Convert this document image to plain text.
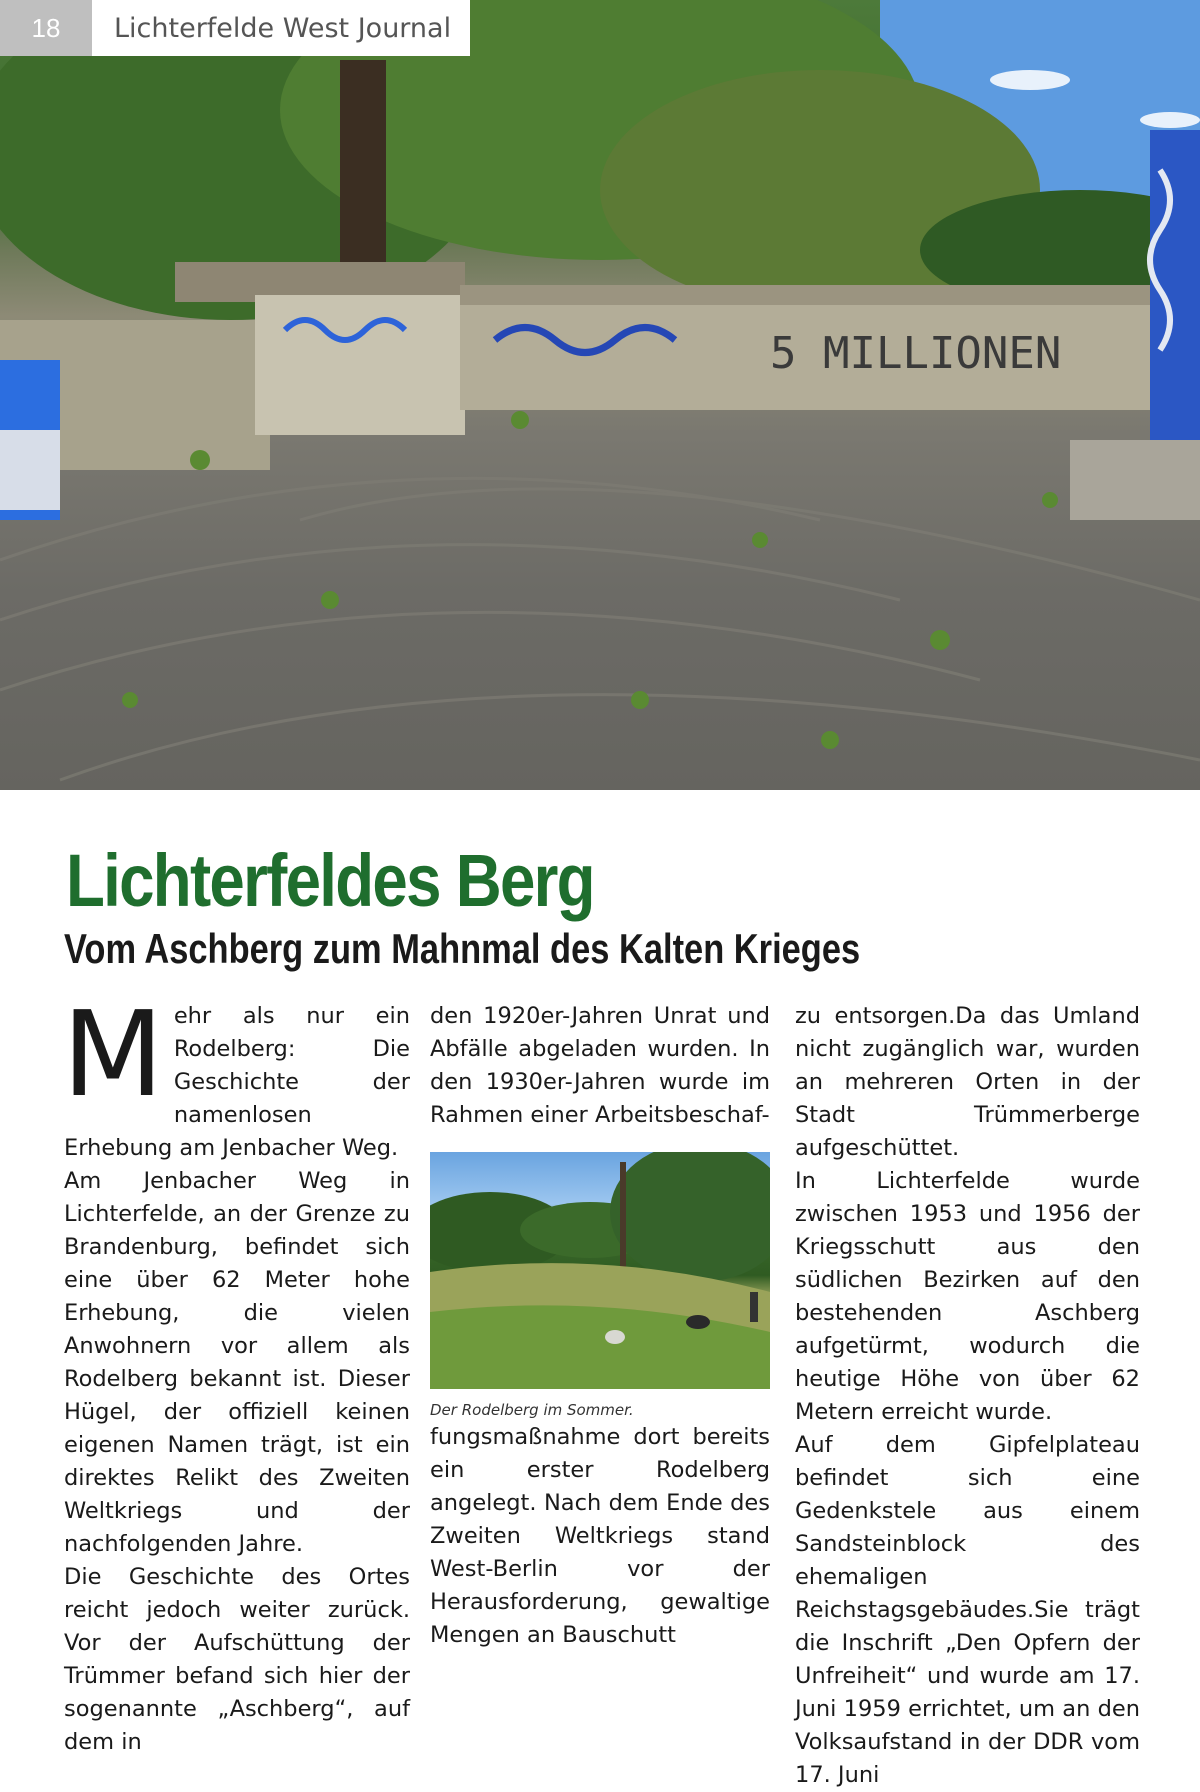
5 MILLIONEN
18	Lichterfelde West Journal
Lichterfeldes Berg
Vom Aschberg zum Mahnmal des Kalten Krieges
M ehr als nur ein Rodelberg: Die Geschichte der namenlosen Erhebung am Jenbacher Weg.

Am Jenbacher Weg in Lichterfelde, an der Grenze zu Brandenburg, befindet sich eine über 62 Meter hohe Erhebung, die vielen Anwohnern vor allem als Rodelberg bekannt ist. Dieser Hügel, der offiziell keinen eigenen Namen trägt, ist ein direktes Relikt des Zweiten Weltkriegs und der nachfolgenden Jahre.

Die Geschichte des Ortes reicht jedoch weiter zurück. Vor der Aufschüttung der Trümmer befand sich hier der sogenannte „Aschberg“, auf dem in

den 1920er-Jahren Unrat und Abfälle abgeladen wurden. In den 1930er-Jahren wurde im Rahmen einer Arbeitsbeschaf-

Der Rodelberg im Sommer.

fungsmaßnahme dort bereits ein erster Rodelberg angelegt. Nach dem Ende des Zweiten Weltkriegs stand West-Berlin vor der Herausforderung, gewaltige Mengen an Bauschutt

zu entsorgen.Da das Umland nicht zugänglich war, wurden an mehreren Orten in der Stadt Trümmerberge aufgeschüttet.

In Lichterfelde wurde zwischen 1953 und 1956 der Kriegsschutt aus den südlichen Bezirken auf den bestehenden Aschberg aufgetürmt, wodurch die heutige Höhe von über 62 Metern erreicht wurde.

Auf dem Gipfelplateau befindet sich eine Gedenkstele aus einem Sandsteinblock des ehemaligen Reichstagsgebäudes.Sie trägt die Inschrift „Den Opfern der Unfreiheit“ und wurde am 17. Juni 1959 errichtet, um an den Volksaufstand in der DDR vom 17. Juni
